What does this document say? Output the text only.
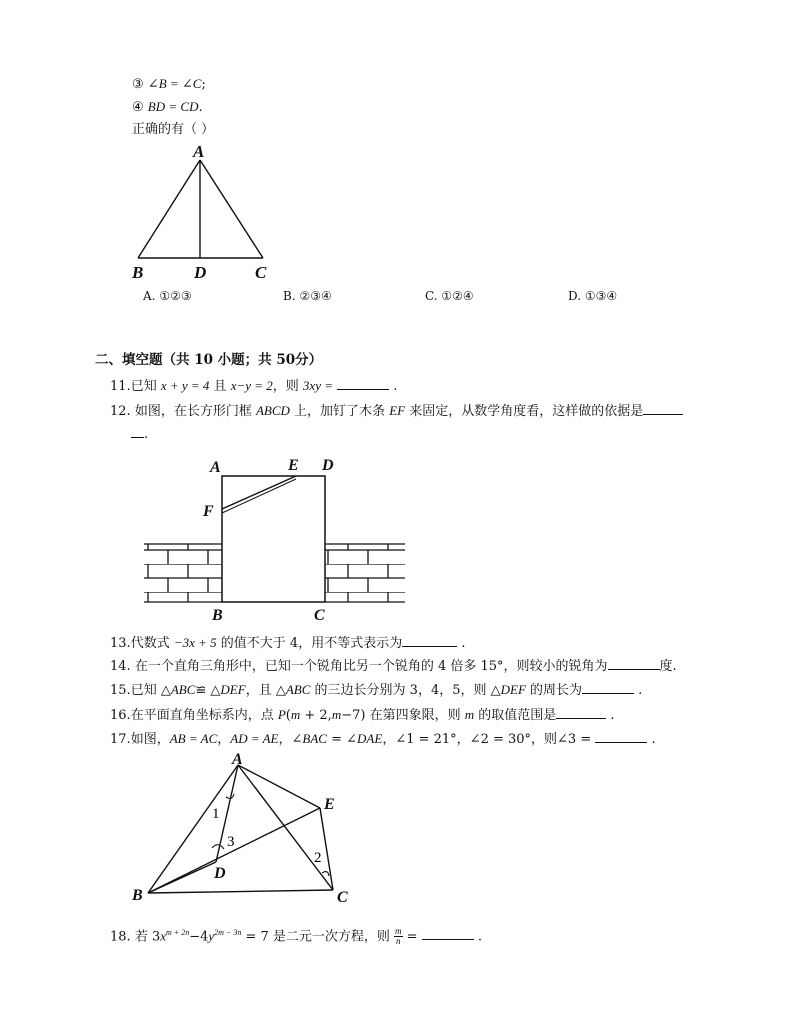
③ ∠B = ∠C;
④ BD = CD.
正确的有（ ）
A
B	D	C
A. ①②③	B. ②③④	C. ①②④	D. ①③④
二、填空题（共 10 小题；共 50分）
11.已知 x + y = 4 且 x−y = 2，则 3xy =	.
12. 如图，在长方形门框 ABCD 上，加钉了木条 EF 来固定，从数学角度看，这样做的依据是
.
A	E D
F
B	C
13.代数式 −3x + 5 的值不大于 4，用不等式表示为	.
14. 在一个直角三角形中，已知一个锐角比另一个锐角的 4 倍多 15°，则较小的锐角为	度.
15.已知 △ABC≌ △DEF，且 △ABC 的三边长分别为 3，4，5，则 △DEF 的周长为	.
16.在平面直角坐标系内，点 P(m + 2,m−7) 在第四象限，则 m 的取值范围是	.
17.如图，AB = AC，AD = AE，∠BAC = ∠DAE，∠1 = 21°，∠2 = 30°，则∠3 =	.
A
E
1
3
2
D
B	C
18. 若 $3x^{m + 2n}-4y^{2m - 3n} = 7$ 是二元一次方程，则 $\frac{m}{n}$ =	.
